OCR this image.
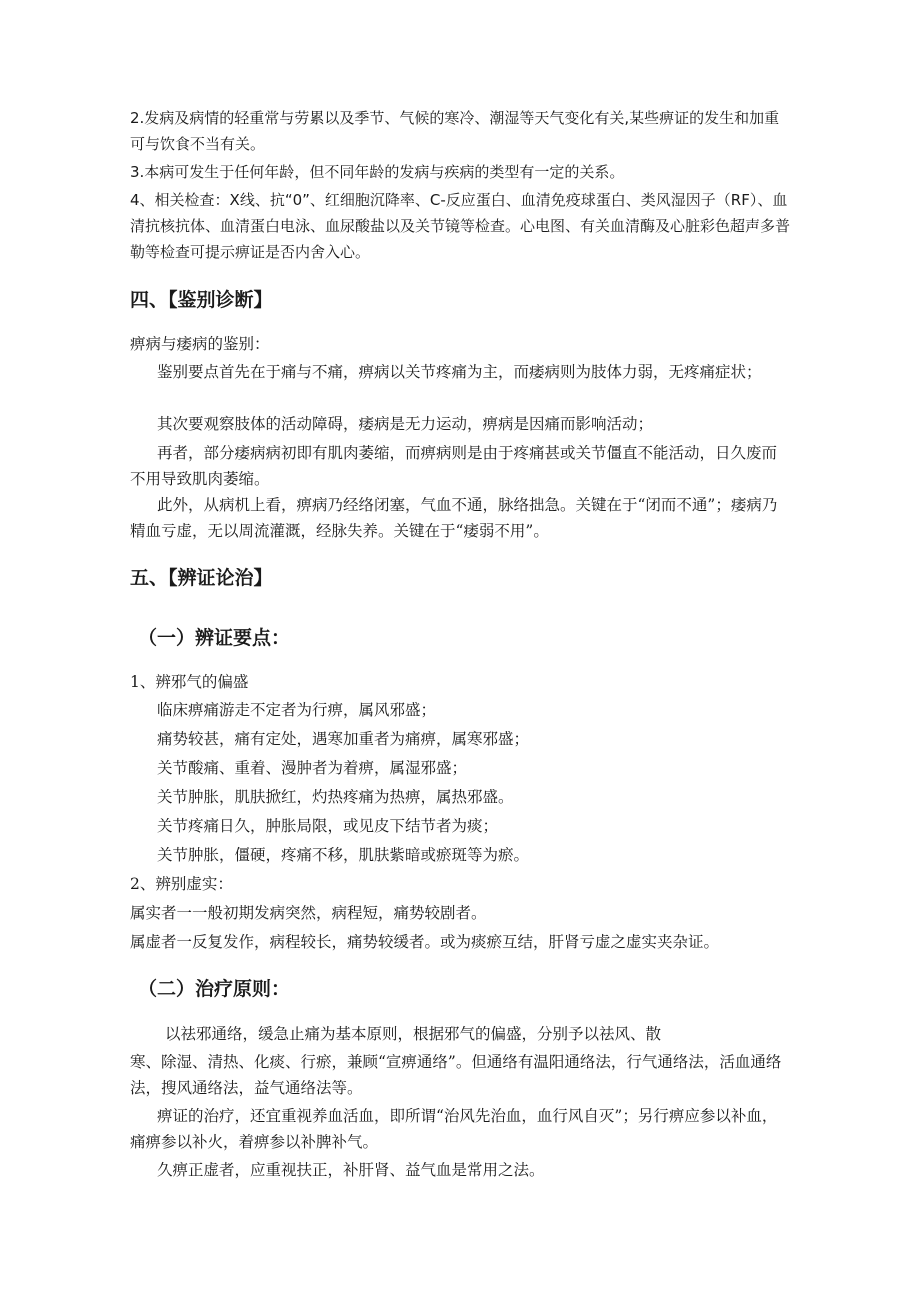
2.发病及病情的轻重常与劳累以及季节、气候的寒冷、潮湿等天气变化有关,某些痹证的发生和加重可与饮食不当有关。

3.本病可发生于任何年龄，但不同年龄的发病与疾病的类型有一定的关系。

4、相关检查：X线、抗“0”、红细胞沉降率、C-反应蛋白、血清免疫球蛋白、类风湿因子（RF）、血清抗核抗体、血清蛋白电泳、血尿酸盐以及关节镜等检查。心电图、有关血清酶及心脏彩色超声多普勒等检查可提示痹证是否内舍入心。

四、【鉴别诊断】

痹病与痿病的鉴别：

鉴别要点首先在于痛与不痛，痹病以关节疼痛为主，而痿病则为肢体力弱，无疼痛症状；

其次要观察肢体的活动障碍，痿病是无力运动，痹病是因痛而影响活动；

再者，部分痿病病初即有肌肉萎缩，而痹病则是由于疼痛甚或关节僵直不能活动，日久废而不用导致肌肉萎缩。

此外，从病机上看，痹病乃经络闭塞，气血不通，脉络拙急。关键在于“闭而不通”；痿病乃精血亏虚，无以周流灌溉，经脉失养。关键在于“痿弱不用”。

五、【辨证论治】
（一）辨证要点：

1、辨邪气的偏盛

临床痹痛游走不定者为行痹，属风邪盛；

痛势较甚，痛有定处，遇寒加重者为痛痹，属寒邪盛；

关节酸痛、重着、漫肿者为着痹，属湿邪盛；

关节肿胀，肌肤掀红，灼热疼痛为热痹，属热邪盛。

关节疼痛日久，肿胀局限，或见皮下结节者为痰；

关节肿胀，僵硬，疼痛不移，肌肤紫暗或瘀斑等为瘀。

2、辨别虚实：

属实者一一般初期发病突然，病程短，痛势较剧者。

属虚者一反复发作，病程较长，痛势较缓者。或为痰瘀互结，肝肾亏虚之虚实夹杂证。

（二）治疗原则：

以祛邪通络，缓急止痛为基本原则，根据邪气的偏盛，分别予以祛风、散

寒、除湿、清热、化痰、行瘀，兼顾“宣痹通络”。但通络有温阳通络法，行气通络法，活血通络法，搜风通络法，益气通络法等。

痹证的治疗，还宜重视养血活血，即所谓“治风先治血，血行风自灭”；另行痹应参以补血，痛痹参以补火，着痹参以补脾补气。

久痹正虚者，应重视扶正，补肝肾、益气血是常用之法。
